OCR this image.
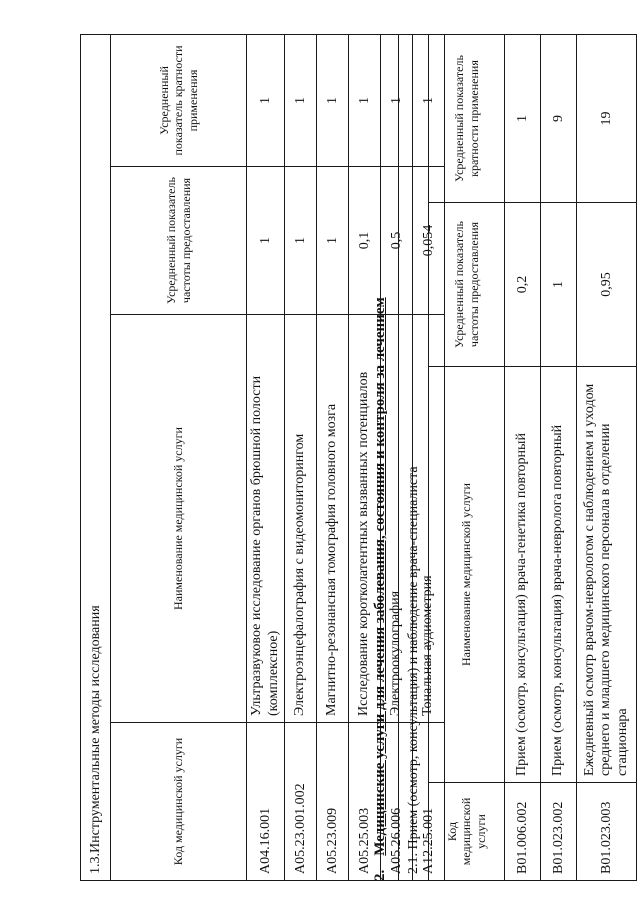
1.3.Инструментальные методы исследования			
Код медицинской услуги	Наименование медицинской услуги	Усредненный показатель частоты предоставления	Усредненный показатель кратности применения
A04.16.001	Ультразвуковое исследование органов брюшной полости (комплексное)	1	1
A05.23.001.002	Электроэнцефалография с видеомониторингом	1	1
A05.23.009	Магнитно-резонансная томография головного мозга	1	1
A05.25.003	Исследование коротколатентных вызванных потенциалов	0,1	1
A05.26.006	Электроокулография	0,5	1
A12.25.001	Тональная аудиометрия	0,054	1
2.Медицинские услуги для лечения заболевания, состояния и контроля за лечением 2.1. Прием (осмотр, консультация) и наблюдение врача-специалиста			
Код медицинской услуги	Наименование медицинской услуги	Усредненный показатель частоты предоставления	Усредненный показатель кратности применения
B01.006.002	Прием (осмотр, консультация) врача-генетика повторный	0,2	1
B01.023.002	Прием (осмотр, консультация) врача-невролога повторный	1	9
B01.023.003	Ежедневный осмотр врачом-неврологом с наблюдением и уходом среднего и младшего медицинского персонала в отделении стационара	0,95	19
